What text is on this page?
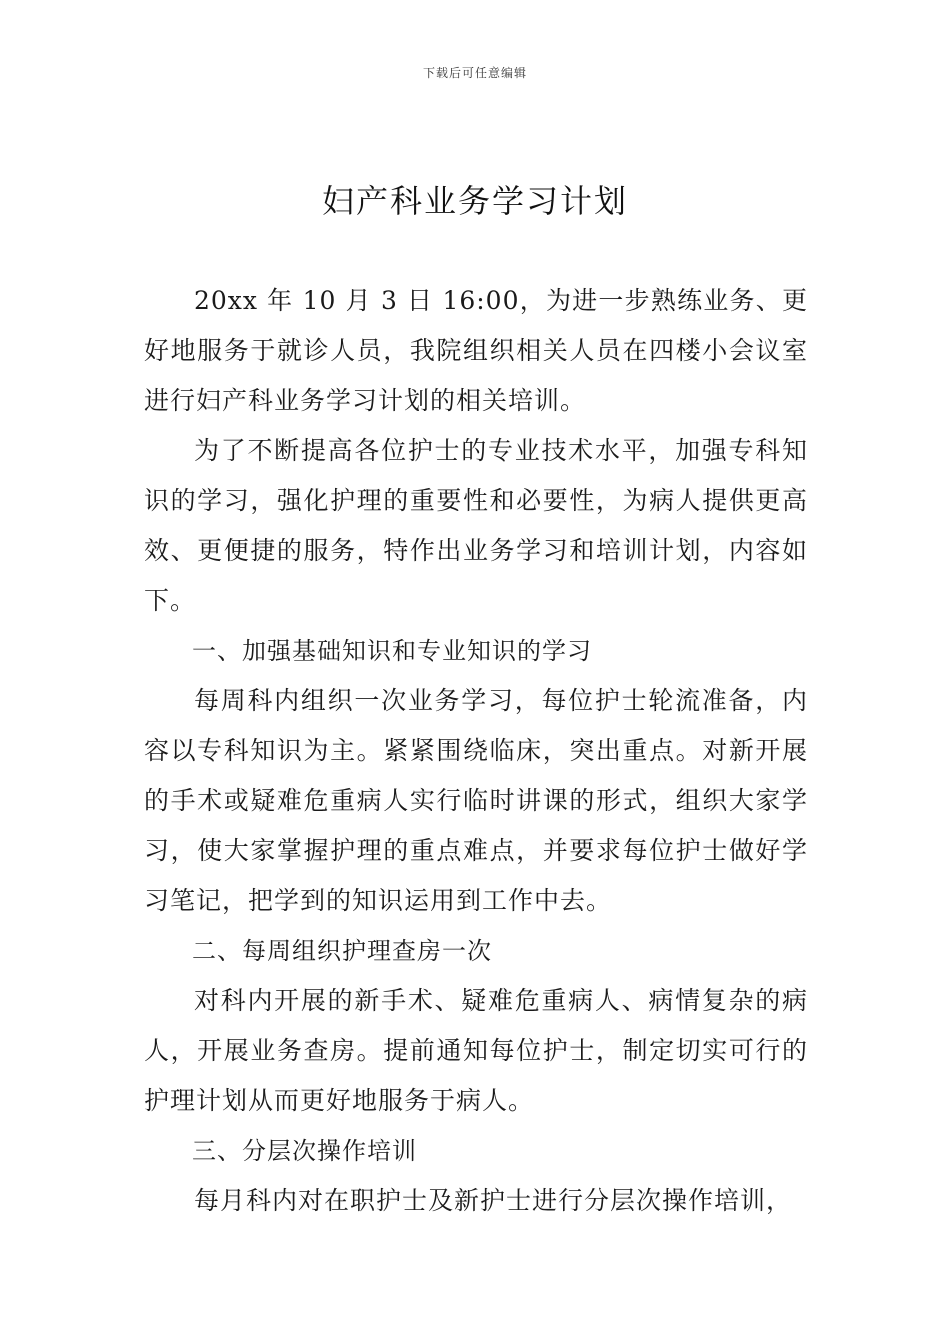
下载后可任意编辑
妇产科业务学习计划

20xx 年 10 月 3 日 16:00，为进一步熟练业务、更好地服务于就诊人员，我院组织相关人员在四楼小会议室进行妇产科业务学习计划的相关培训。

为了不断提高各位护士的专业技术水平，加强专科知识的学习，强化护理的重要性和必要性，为病人提供更高效、更便捷的服务，特作出业务学习和培训计划，内容如下。

一、加强基础知识和专业知识的学习

每周科内组织一次业务学习，每位护士轮流准备，内容以专科知识为主。紧紧围绕临床，突出重点。对新开展的手术或疑难危重病人实行临时讲课的形式，组织大家学习，使大家掌握护理的重点难点，并要求每位护士做好学习笔记，把学到的知识运用到工作中去。

二、每周组织护理查房一次

对科内开展的新手术、疑难危重病人、病情复杂的病人，开展业务查房。提前通知每位护士，制定切实可行的护理计划从而更好地服务于病人。

三、分层次操作培训

每月科内对在职护士及新护士进行分层次操作培训，
